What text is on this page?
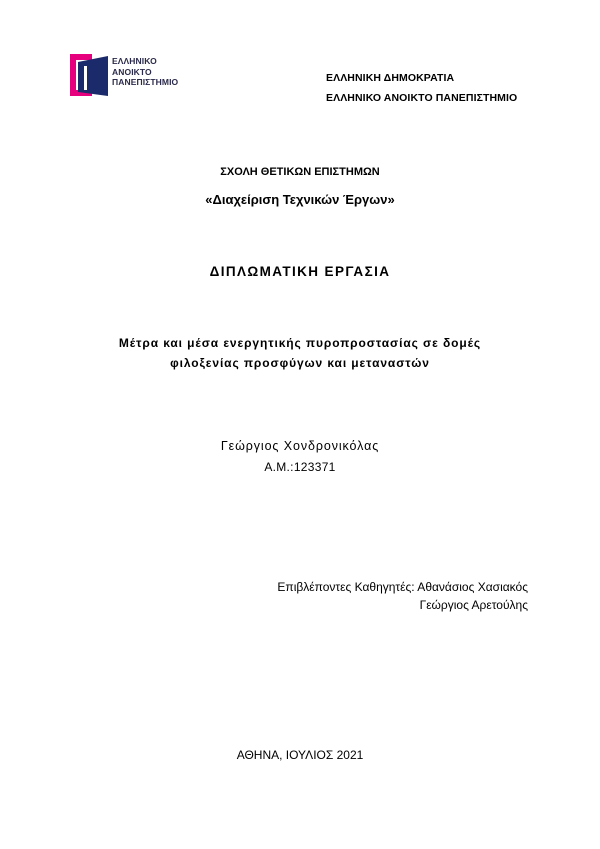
ΕΛΛΗΝΙΚΟ
ΑΝΟΙΚΤΟ
ΠΑΝΕΠΙΣΤΗΜΙΟ	ΕΛΛΗΝΙΚΗ ΔΗΜΟΚΡΑΤΙΑ
ΕΛΛΗΝΙΚΟ ΑΝΟΙΚΤΟ ΠΑΝΕΠΙΣΤΗΜΙΟ
ΣΧΟΛΗ ΘΕΤΙΚΩΝ ΕΠΙΣΤΗΜΩΝ
«Διαχείριση Τεχνικών Έργων»
ΔΙΠΛΩΜΑΤΙΚΗ ΕΡΓΑΣΙΑ
Μέτρα και μέσα ενεργητικής πυροπροστασίας σε δομές
φιλοξενίας προσφύγων και μεταναστών
Γεώργιος Χονδρονικόλας
Α.Μ.:123371
Επιβλέποντες Καθηγητές: Αθανάσιος Χασιακός
Γεώργιος Αρετούλης
ΑΘΗΝΑ, ΙΟΥΛΙΟΣ 2021
